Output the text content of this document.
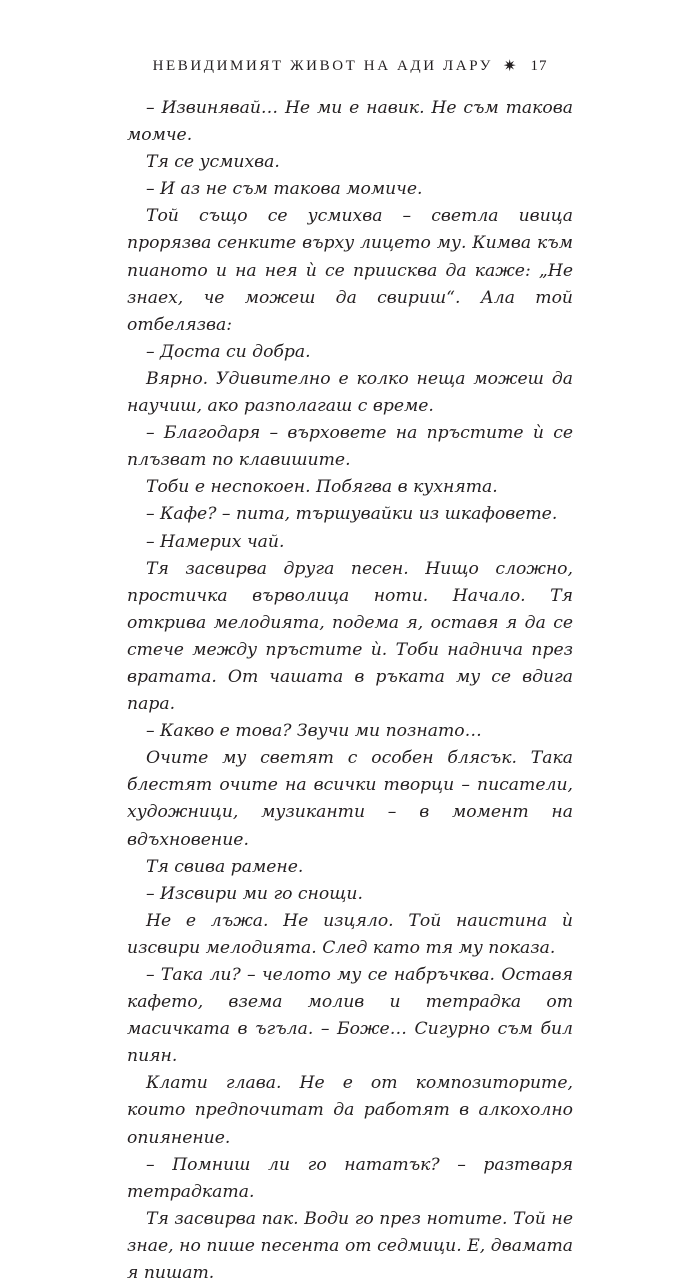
НЕВИДИМИЯТ ЖИВОТ НА АДИ ЛАРУ ✷ 17

– Извинявай… Не ми е навик. Не съм такова момче.

Тя се усмихва.

– И аз не съм такова момиче.

Той също се усмихва – светла ивица прорязва сенките върху лицето му. Кимва към пианото и на нея ѝ се приисква да каже: „Не знаех, че можеш да свириш“. Ала той отбелязва:

– Доста си добра.

Вярно. Удивително е колко неща можеш да научиш, ако разполагаш с време.

– Благодаря – върховете на пръстите ѝ се плъзват по клавишите.

Тоби е неспокоен. Побягва в кухнята.

– Кафе? – пита, тършувайки из шкафовете.

– Намерих чай.

Тя засвирва друга песен. Нищо сложно, простичка върволица ноти. Начало. Тя открива мелодията, подема я, оставя я да се стече между пръстите ѝ. Тоби надничa през вратата. От чашата в ръката му се вдига пара.

– Какво е това? Звучи ми познато…

Очите му светят с особен блясък. Така блестят очите на всички творци – писатели, художници, музиканти – в момент на вдъхновение.

Тя свива рамене.

– Изсвири ми го снощи.

Не е лъжа. Не изцяло. Той наистина ѝ изсвири мелодията. След като тя му показа.

– Така ли? – челото му се набръчква. Оставя кафето, взема молив и тетрадка от масичката в ъгъла. – Боже… Сигурно съм бил пиян.

Клати глава. Не е от композиторите, които предпочитат да работят в алкохолно опиянение.

– Помниш ли го нататък? – разтваря тетрадката.

Тя засвирва пак. Води го през нотите. Той не знае, но пише песента от седмици. Е, двамата я пишат.
